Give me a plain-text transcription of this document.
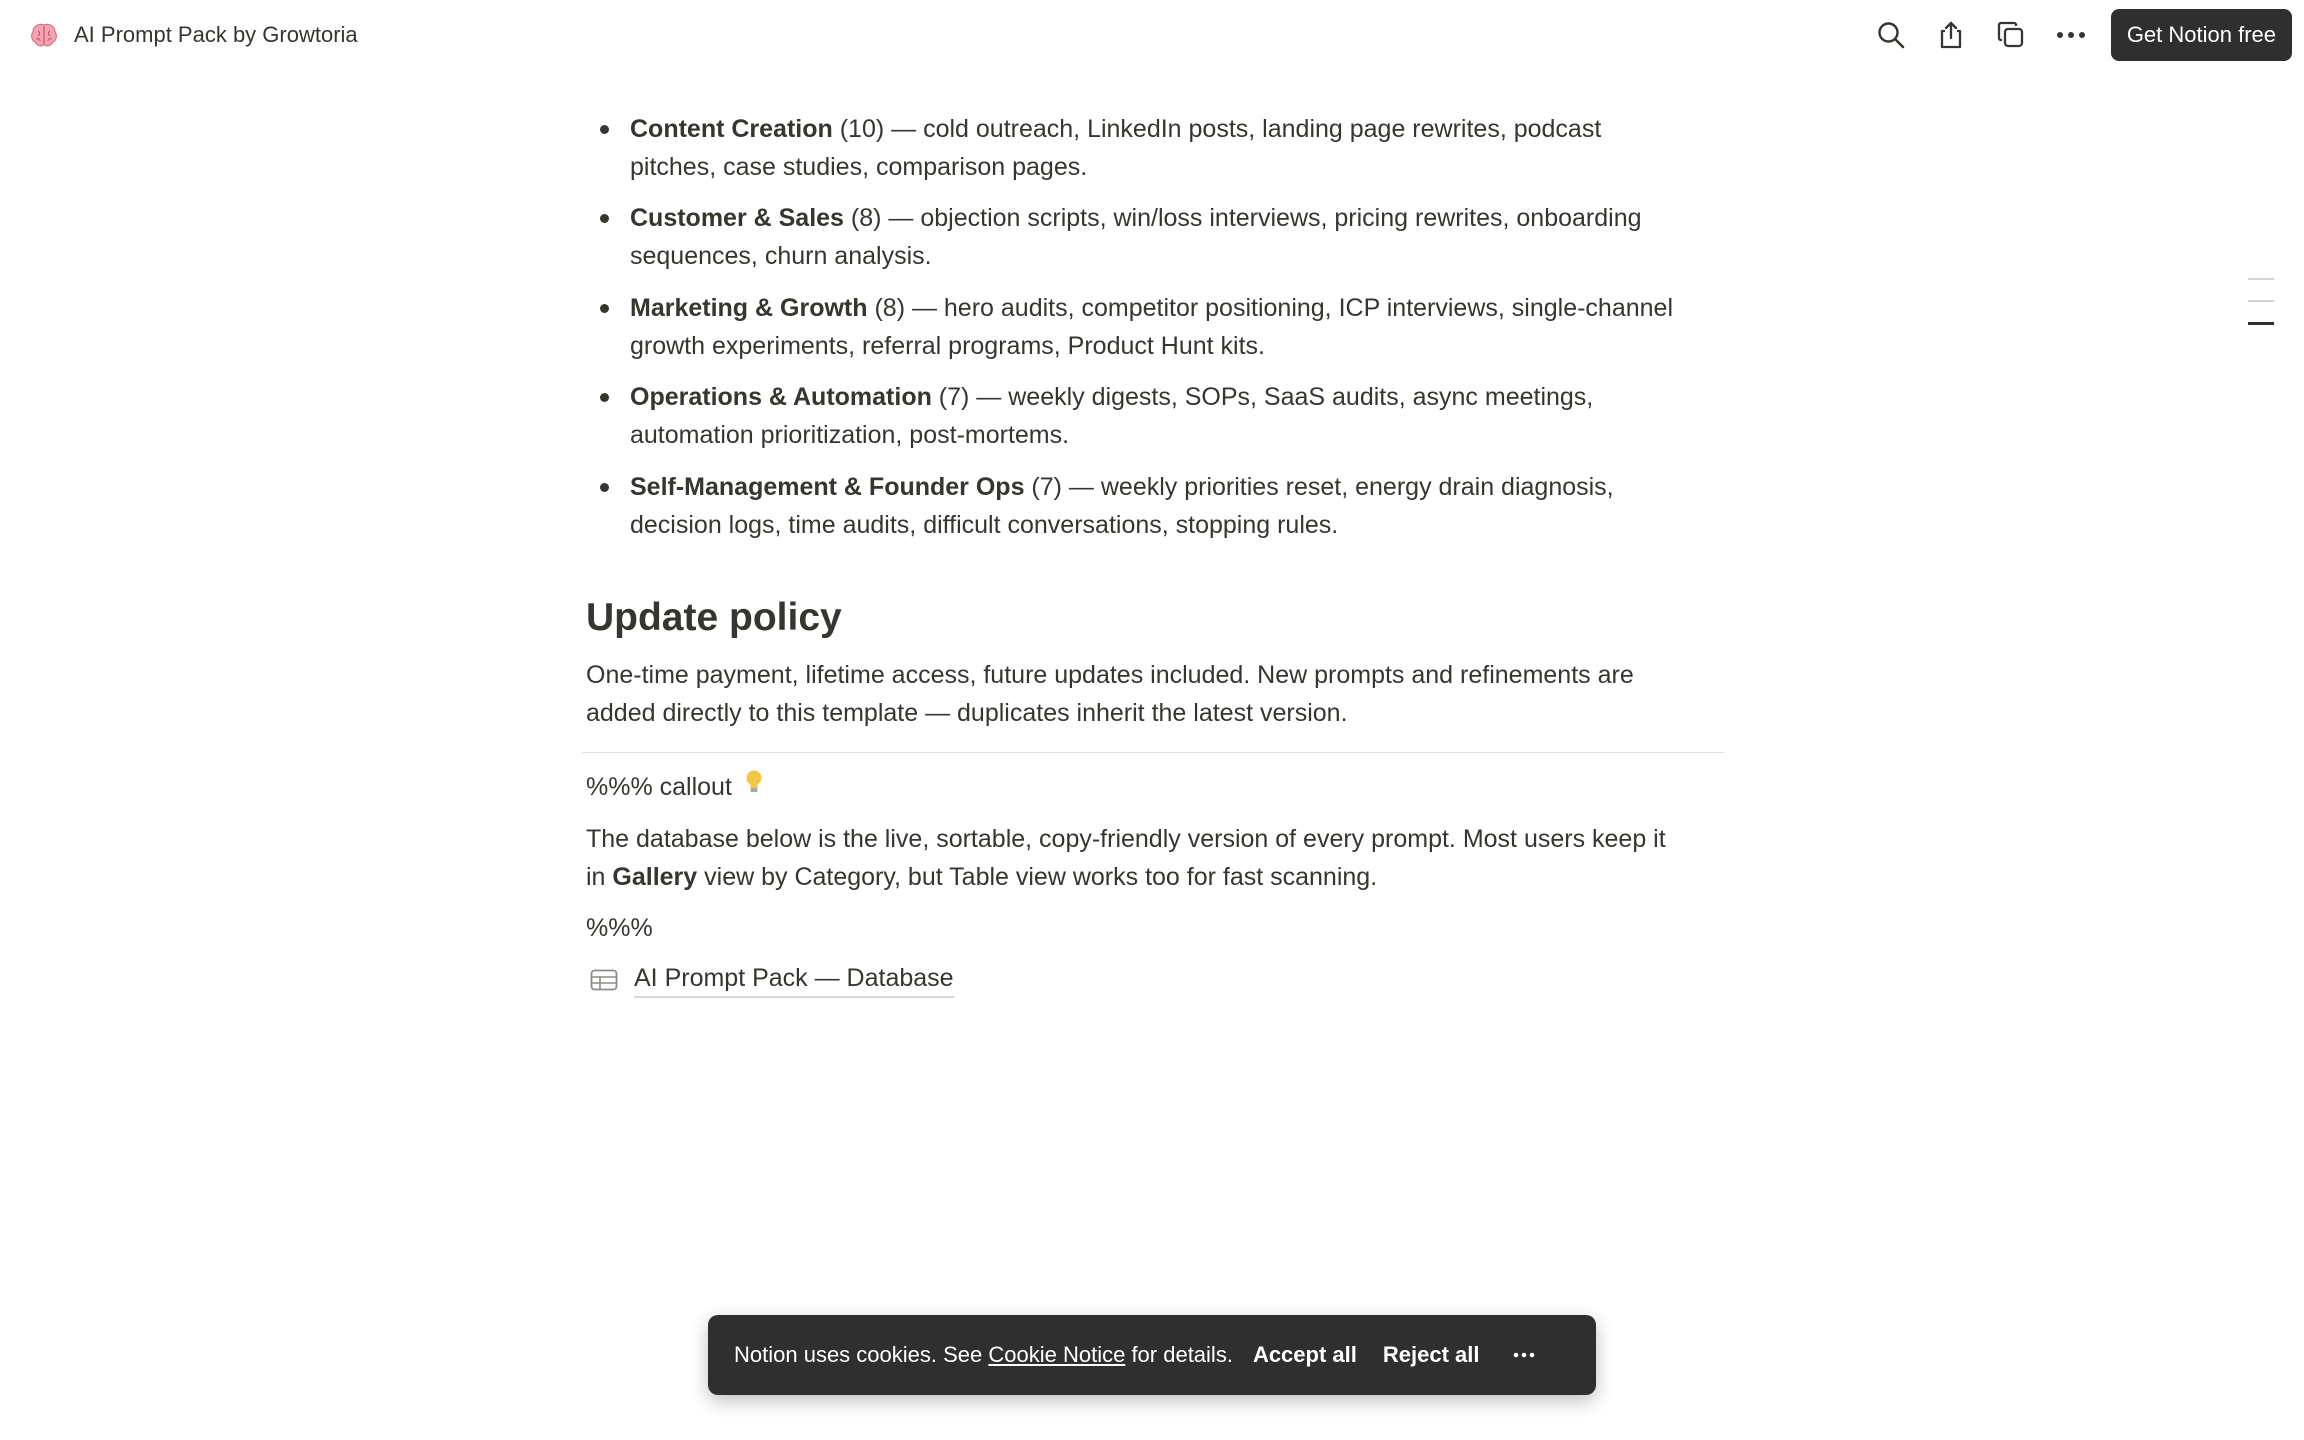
AI Prompt Pack by Growtoria	Get Notion free
Content Creation (10) — cold outreach, LinkedIn posts, landing page rewrites, podcast
pitches, case studies, comparison pages.
Customer & Sales (8) — objection scripts, win/loss interviews, pricing rewrites, onboarding
sequences, churn analysis.
Marketing & Growth (8) — hero audits, competitor positioning, ICP interviews, single-channel
growth experiments, referral programs, Product Hunt kits.
Operations & Automation (7) — weekly digests, SOPs, SaaS audits, async meetings,
automation prioritization, post-mortems.
Self-Management & Founder Ops (7) — weekly priorities reset, energy drain diagnosis,
decision logs, time audits, difficult conversations, stopping rules.
Update policy
One-time payment, lifetime access, future updates included. New prompts and refinements are
added directly to this template — duplicates inherit the latest version.
%%% callout
The database below is the live, sortable, copy-friendly version of every prompt. Most users keep it
in Gallery view by Category, but Table view works too for fast scanning.
%%%
AI Prompt Pack — Database
Notion uses cookies. See Cookie Notice for details. Accept all Reject all
